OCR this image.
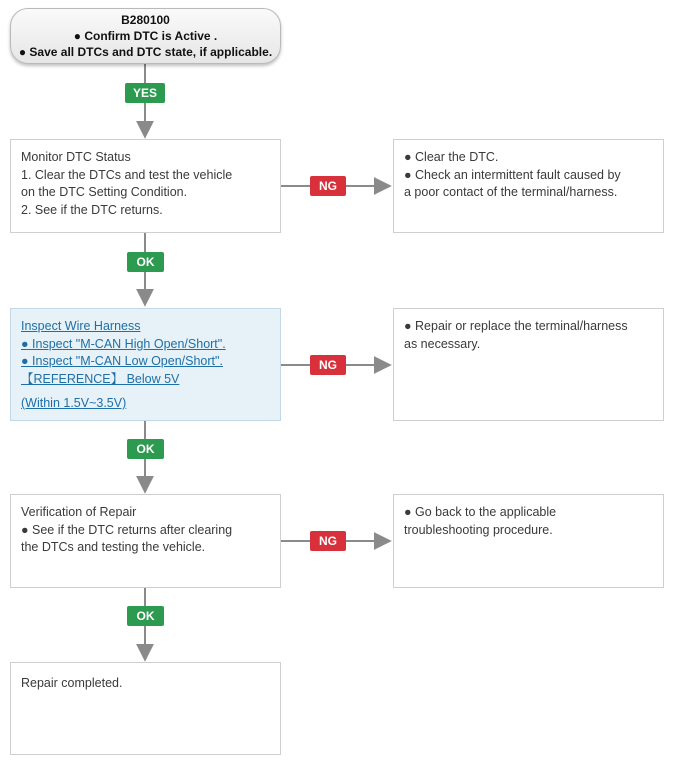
B280100
● Confirm DTC is Active .
● Save all DTCs and DTC state, if applicable.
YES
OK
OK
OK
NG
NG
NG
Monitor DTC Status
1. Clear the DTCs and test the vehicle
on the DTC Setting Condition.
2. See if the DTC returns.
Inspect Wire Harness
● Inspect "M-CAN High Open/Short".
● Inspect "M-CAN Low Open/Short".
【REFERENCE】 Below 5V
(Within 1.5V~3.5V)
Verification of Repair
● See if the DTC returns after clearing
the DTCs and testing the vehicle.
Repair completed.
● Clear the DTC.
● Check an intermittent fault caused by
a poor contact of the terminal/harness.
● Repair or replace the terminal/harness
as necessary.
● Go back to the applicable
troubleshooting procedure.
